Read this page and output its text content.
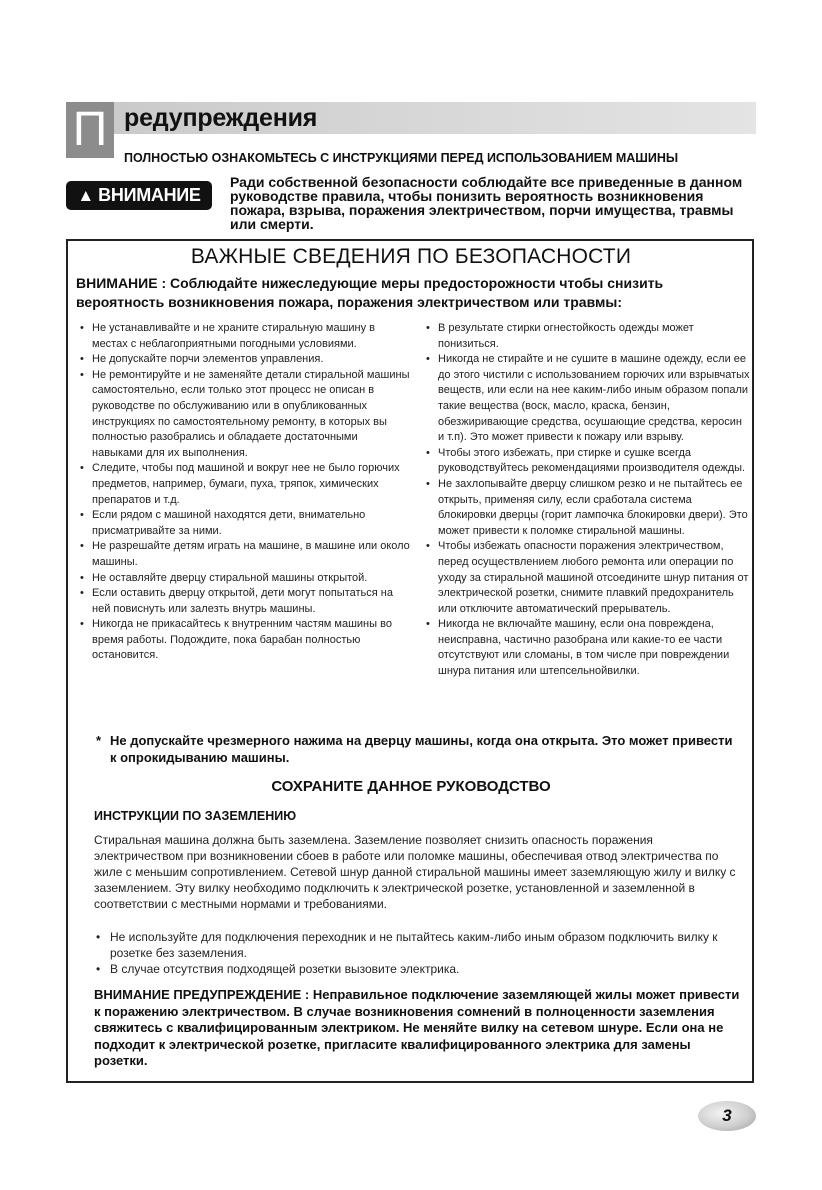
П редупреждения
ПОЛНОСТЬЮ ОЗНАКОМЬТЕСЬ С ИНСТРУКЦИЯМИ ПЕРЕД ИСПОЛЬЗОВАНИЕМ МАШИНЫ
▲ ВНИМАНИЕ
Ради собственной безопасности соблюдайте все приведенные в данном руководстве правила, чтобы понизить вероятность возникновения пожара, взрыва, поражения электричеством, порчи имущества, травмы или смерти.
ВАЖНЫЕ СВЕДЕНИЯ ПО БЕЗОПАСНОСТИ
ВНИМАНИЕ : Соблюдайте нижеследующие меры предосторожности чтобы снизить вероятность возникновения пожара, поражения электричеством или травмы:
• Не устанавливайте и не храните стиральную машину в местах с неблагоприятными погодными условиями.
• Не допускайте порчи элементов управления.
• Не ремонтируйте и не заменяйте детали стиральной машины самостоятельно, если только этот процесс не описан в руководстве по обслуживанию или в опубликованных инструкциях по самостоятельному ремонту, в которых вы полностью разобрались и обладаете достаточными навыками для их выполнения.
• Следите, чтобы под машиной и вокруг нее не было горючих предметов, например, бумаги, пуха, тряпок, химических препаратов и т.д.
• Если рядом с машиной находятся дети, внимательно присматривайте за ними.
• Не разрешайте детям играть на машине, в машине или около машины.
• Не оставляйте дверцу стиральной машины открытой.
• Если оставить дверцу открытой, дети могут попытаться на ней повиснуть или залезть внутрь машины.
• Никогда не прикасайтесь к внутренним частям машины во время работы. Подождите, пока барабан полностью остановится.
• В результате стирки огнестойкость одежды может понизиться.
• Никогда не стирайте и не сушите в машине одежду, если ее до этого чистили с использованием горючих или взрывчатых веществ, или если на нее каким-либо иным образом попали такие вещества (воск, масло, краска, бензин, обезжиривающие средства, осушающие средства, керосин и т.п). Это может привести к пожару или взрыву.
• Чтобы этого избежать, при стирке и сушке всегда руководствуйтесь рекомендациями производителя одежды.
• Не захлопывайте дверцу слишком резко и не пытайтесь ее открыть, применяя силу, если сработала система блокировки дверцы (горит лампочка блокировки двери). Это может привести к поломке стиральной машины.
• Чтобы избежать опасности поражения электричеством, перед осуществлением любого ремонта или операции по уходу за стиральной машиной отсоедините шнур питания от электрической розетки, снимите плавкий предохранитель или отключите автоматический прерыватель.
• Никогда не включайте машину, если она повреждена, неисправна, частично разобрана или какие-то ее части отсутствуют или сломаны, в том числе при повреждении шнура питания или штепсельнойвилки.
* Не допускайте чрезмерного нажима на дверцу машины, когда она открыта. Это может привести к опрокидыванию машины.
СОХРАНИТЕ ДАННОЕ РУКОВОДСТВО
ИНСТРУКЦИИ ПО ЗАЗЕМЛЕНИЮ
Стиральная машина должна быть заземлена. Заземление позволяет снизить опасность поражения электричеством при возникновении сбоев в работе или поломке машины, обеспечивая отвод электричества по жиле с меньшим сопротивлением. Сетевой шнур данной стиральной машины имеет заземляющую жилу и вилку с заземлением. Эту вилку необходимо подключить к электрической розетке, установленной и заземленной в соответствии с местными нормами и требованиями.
• Не используйте для подключения переходник и не пытайтесь каким-либо иным образом подключить вилку к розетке без заземления.
• В случае отсутствия подходящей розетки вызовите электрика.
ВНИМАНИЕ ПРЕДУПРЕЖДЕНИЕ : Неправильное подключение заземляющей жилы может привести к поражению электричеством. В случае возникновения сомнений в полноценности заземления свяжитесь с квалифицированным электриком. Не меняйте вилку на сетевом шнуре. Если она не подходит к электрической розетке, пригласите квалифицированного электрика для замены розетки.
3
